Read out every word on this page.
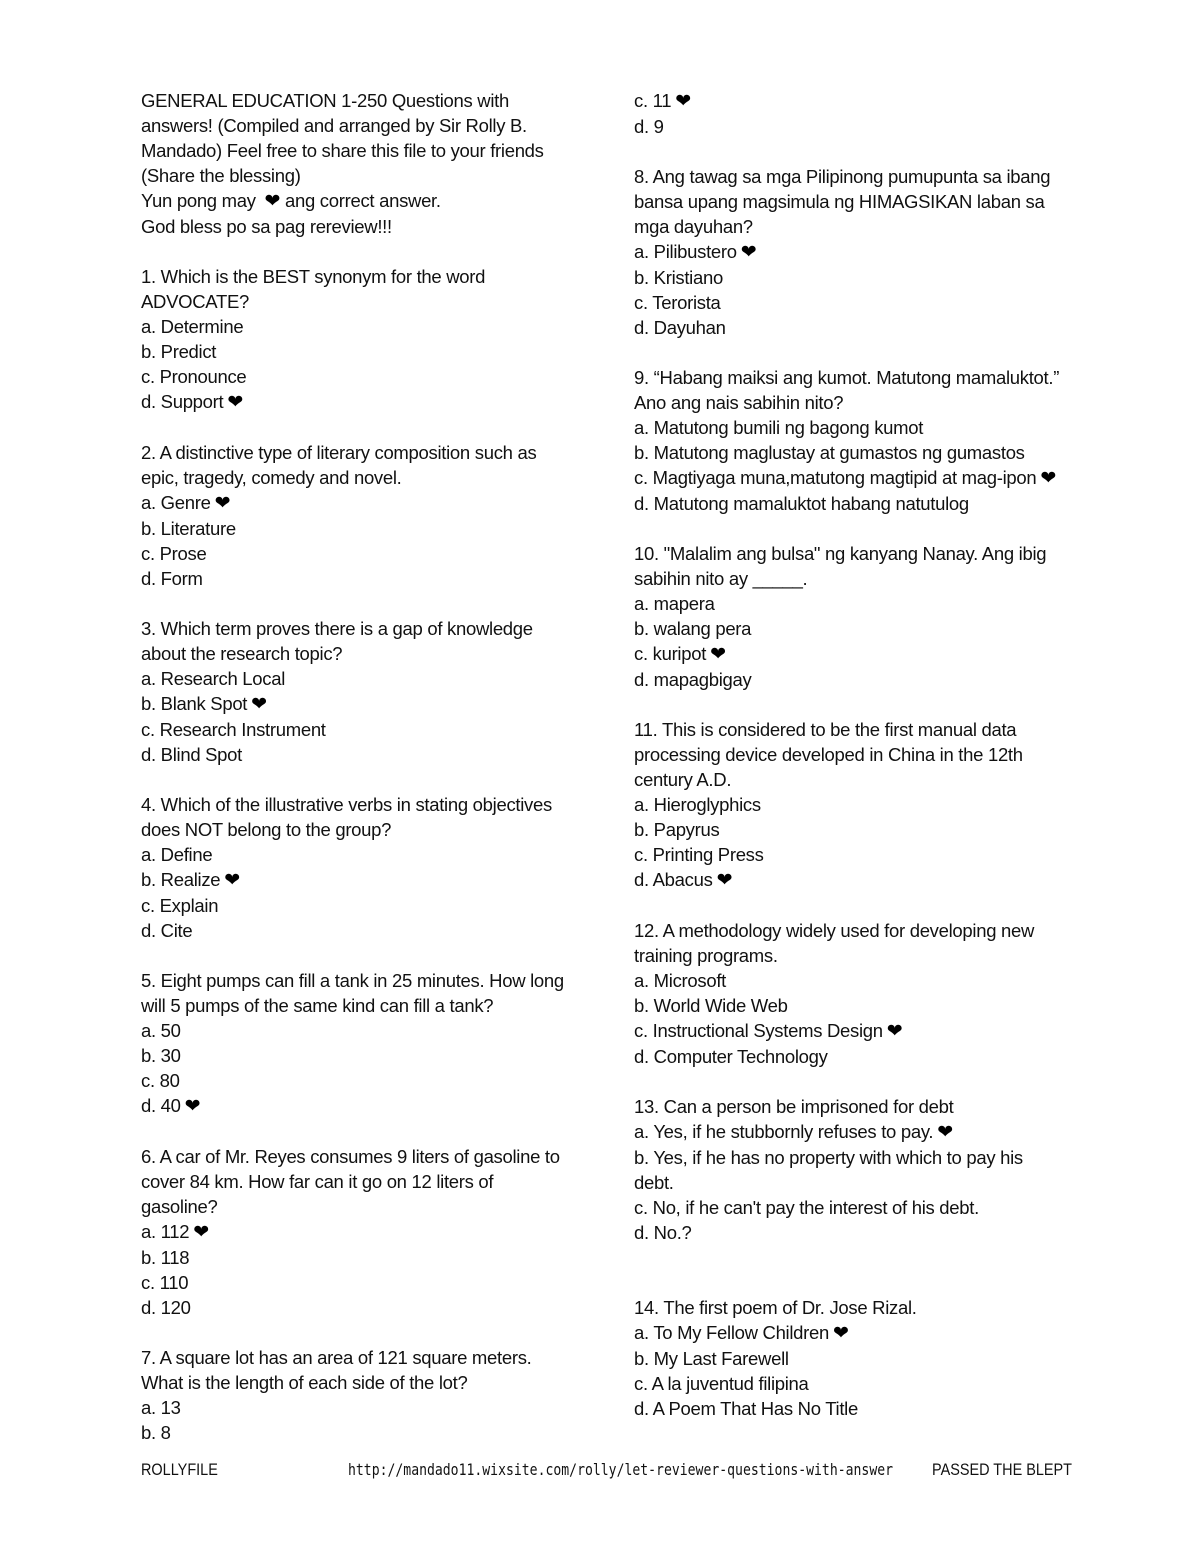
GENERAL EDUCATION 1-250 Questions with

answers! (Compiled and arranged by Sir Rolly B.

Mandado) Feel free to share this file to your friends

(Share the blessing)

Yun pong may ❤ ang correct answer.

God bless po sa pag rereview!!!

1. Which is the BEST synonym for the word

ADVOCATE?

a. Determine

b. Predict

c. Pronounce

d. Support ❤

2. A distinctive type of literary composition such as

epic, tragedy, comedy and novel.

a. Genre ❤

b. Literature

c. Prose

d. Form

3. Which term proves there is a gap of knowledge

about the research topic?

a. Research Local

b. Blank Spot ❤

c. Research Instrument

d. Blind Spot

4. Which of the illustrative verbs in stating objectives

does NOT belong to the group?

a. Define

b. Realize ❤

c. Explain

d. Cite

5. Eight pumps can fill a tank in 25 minutes. How long

will 5 pumps of the same kind can fill a tank?

a. 50

b. 30

c. 80

d. 40 ❤

6. A car of Mr. Reyes consumes 9 liters of gasoline to

cover 84 km. How far can it go on 12 liters of

gasoline?

a. 112 ❤

b. 118

c. 110

d. 120

7. A square lot has an area of 121 square meters.

What is the length of each side of the lot?

a. 13

b. 8

c. 11 ❤

d. 9

8. Ang tawag sa mga Pilipinong pumupunta sa ibang

bansa upang magsimula ng HIMAGSIKAN laban sa

mga dayuhan?

a. Pilibustero ❤

b. Kristiano

c. Terorista

d. Dayuhan

9. “Habang maiksi ang kumot. Matutong mamaluktot.”

Ano ang nais sabihin nito?

a. Matutong bumili ng bagong kumot

b. Matutong maglustay at gumastos ng gumastos

c. Magtiyaga muna,matutong magtipid at mag-ipon ❤

d. Matutong mamaluktot habang natutulog

10. "Malalim ang bulsa" ng kanyang Nanay. Ang ibig

sabihin nito ay _____.

a. mapera

b. walang pera

c. kuripot ❤

d. mapagbigay

11. This is considered to be the first manual data

processing device developed in China in the 12th

century A.D.

a. Hieroglyphics

b. Papyrus

c. Printing Press

d. Abacus ❤

12. A methodology widely used for developing new

training programs.

a. Microsoft

b. World Wide Web

c. Instructional Systems Design ❤

d. Computer Technology

13. Can a person be imprisoned for debt

a. Yes, if he stubbornly refuses to pay. ❤

b. Yes, if he has no property with which to pay his

debt.

c. No, if he can't pay the interest of his debt.

d. No.?

14. The first poem of Dr. Jose Rizal.

a. To My Fellow Children ❤

b. My Last Farewell

c. A la juventud filipina

d. A Poem That Has No Title

ROLLYFILE	http://mandado11.wixsite.com/rolly/let-reviewer-questions-with-answer PASSED THE BLEPT
